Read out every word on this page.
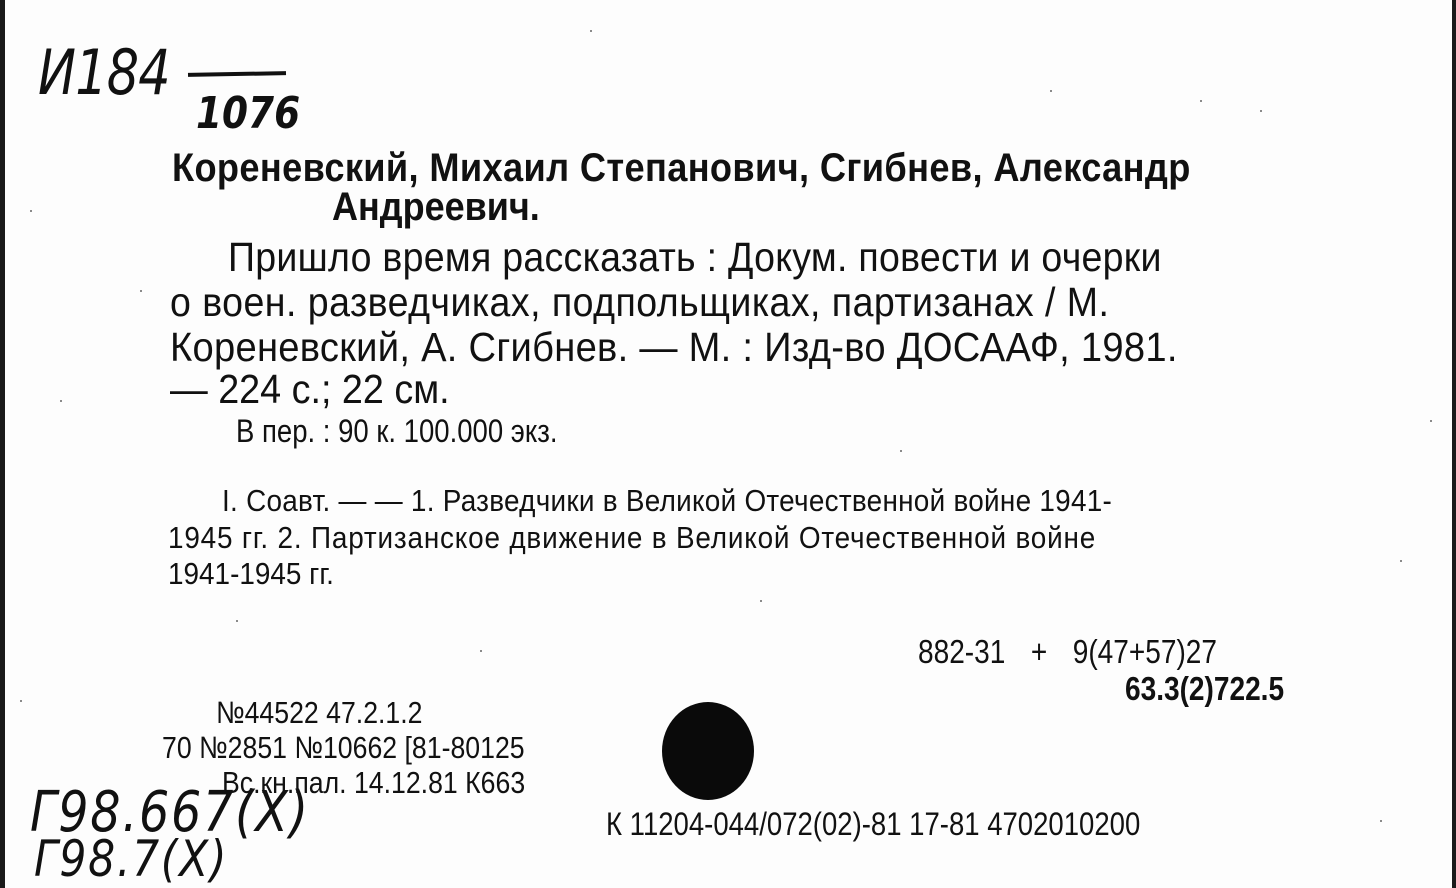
И184
1076
Кореневский, Михаил Степанович, Сгибнев, Александр
Андреевич.
Пришло время рассказать : Докум. повести и очерки
о воен. разведчиках, подпольщиках, партизанах / М.
Кореневский, А. Сгибнев. — М. : Изд-во ДОСААФ, 1981.
— 224 с.; 22 см.
В пер. : 90 к. 100.000 экз.
I. Соавт. — — 1. Разведчики в Великой Отечественной войне 1941-
1945 гг. 2. Партизанское движение в Великой Отечественной войне
1941-1945 гг.
882-31 + 9(47+57)27
63.3(2)722.5
№44522 47.2.1.2
70 №2851 №10662 [81-80125
Вс.кн.пал. 14.12.81 К663
К 11204-044/072(02)-81 17-81 4702010200
Г98.667(Х)
Г98.7(Х)
